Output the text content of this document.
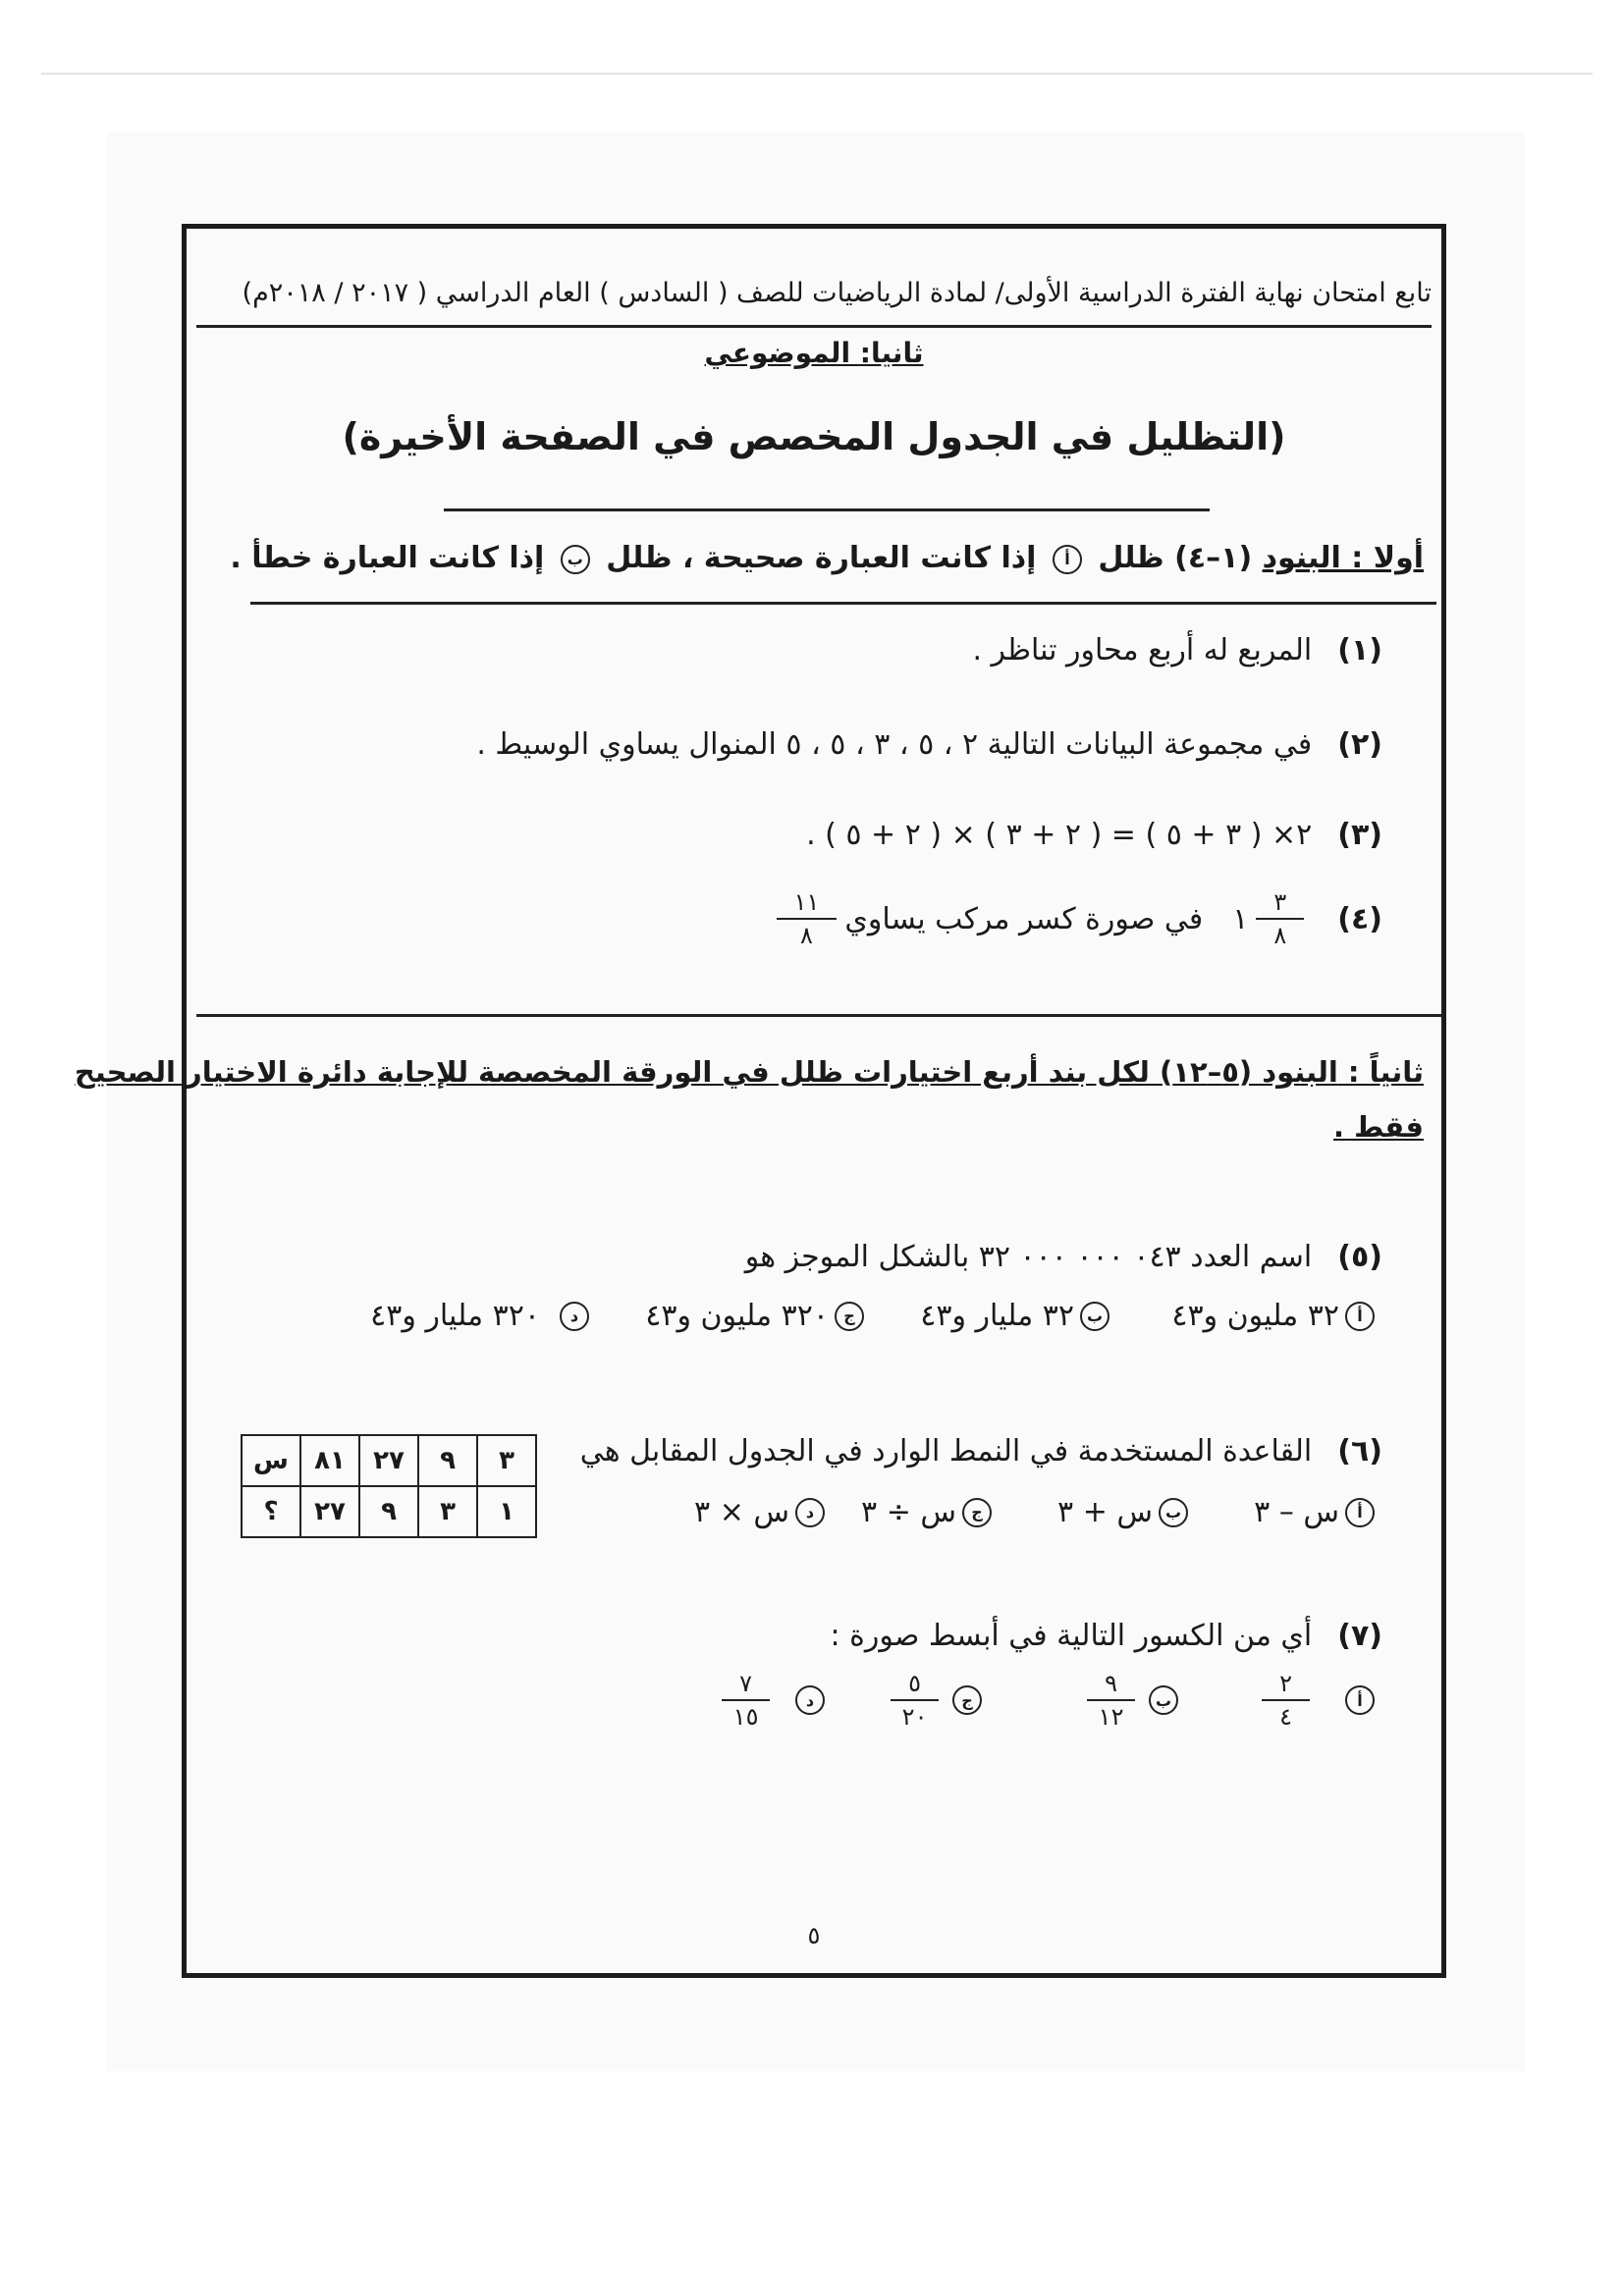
تابع امتحان نهاية الفترة الدراسية الأولى/ لمادة الرياضيات للصف ( السادس ) العام الدراسي ( ٢٠١٧ / ٢٠١٨م)
ثانيا: الموضوعي
(التظليل في الجدول المخصص في الصفحة الأخيرة)
أولا : البنود (١–٤) ظلل أ إذا كانت العبارة صحيحة ، ظلل ب إذا كانت العبارة خطأ .
(١)
المربع له أربع محاور تناظر .
(٢)
في مجموعة البيانات التالية ٢ ، ٥ ، ٣ ، ٥ ، ٥ المنوال يساوي الوسيط .
(٣)
٢× ( ٣ + ٥ ) = ( ٢ + ٣ ) × ( ٢ + ٥ ) .
(٤)
$\frac{٣}{٨}$
١
في صورة كسر مركب يساوي
$\frac{١١}{٨}$
ثانياً : البنود (٥–١٢) لكل بند أربع اختيارات ظلل في الورقة المخصصة للإجابة دائرة الاختيار الصحيح
فقط .
(٥)
اسم العدد ٠٤٣ ٠٠٠ ٠٠٠ ٣٢ بالشكل الموجز هو
أ
٣٢ مليون و٤٣
ب
٣٢ مليار و٤٣
ج
٣٢٠ مليون و٤٣
د
٣٢٠ مليار و٤٣
(٦)
القاعدة المستخدمة في النمط الوارد في الجدول المقابل هي
أ
س – ٣
ب
س + ٣
ج
س ÷ ٣
د
س × ٣
٣	٩	٢٧	٨١	س
١	٣	٩	٢٧	؟
(٧)
أي من الكسور التالية في أبسط صورة :
أ
$\frac{٢}{٤}$
ب
$\frac{٩}{١٢}$
ج
$\frac{٥}{٢٠}$
د
$\frac{٧}{١٥}$
٥
